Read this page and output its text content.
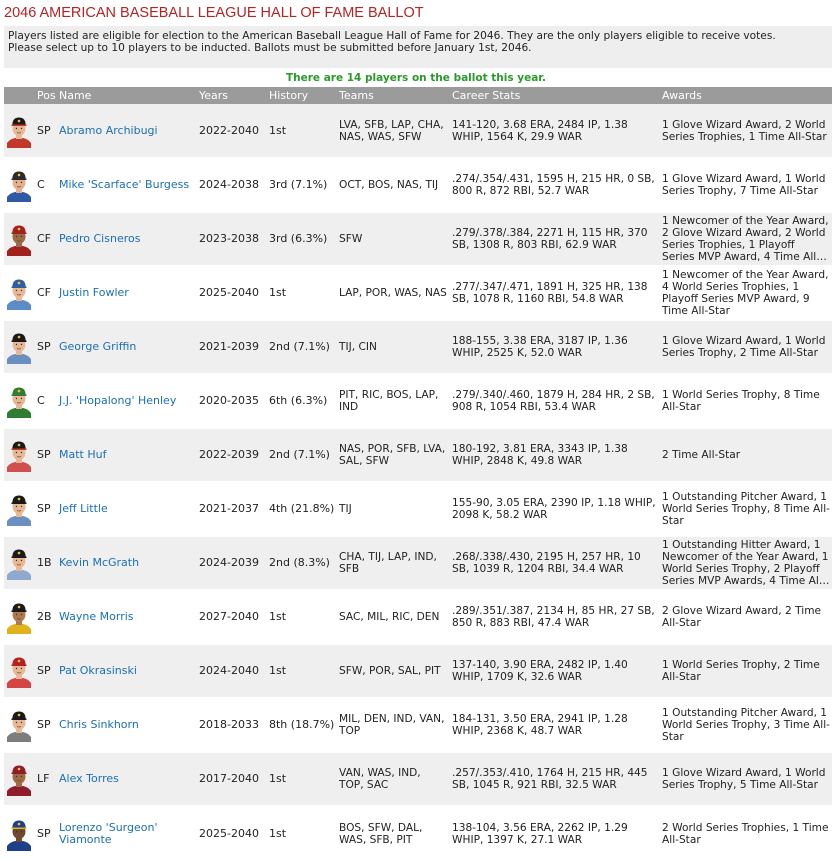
2046 AMERICAN BASEBALL LEAGUE HALL OF FAME BALLOT
Players listed are eligible for election to the American Baseball League Hall of Fame for 2046. They are the only players eligible to receive votes.
Please select up to 10 players to be inducted. Ballots must be submitted before January 1st, 2046.
There are 14 players on the ballot this year.
	Pos	Name	Years	History	Teams	Career Stats	Awards

	SP	Abramo Archibugi	2022-2040	1st	LVA, SFB, LAP, CHA, NAS, WAS, SFW	141-120, 3.68 ERA, 2484 IP, 1.38 WHIP, 1564 K, 29.9 WAR	1 Glove Wizard Award, 2 World Series Trophies, 1 Time All-Star

	C	Mike 'Scarface' Burgess	2024-2038	3rd (7.1%)	OCT, BOS, NAS, TIJ	.274/.354/.431, 1595 H, 215 HR, 0 SB, 800 R, 872 RBI, 52.7 WAR	1 Glove Wizard Award, 1 World Series Trophy, 7 Time All-Star

	CF	Pedro Cisneros	2023-2038	3rd (6.3%)	SFW	.279/.378/.384, 2271 H, 115 HR, 370 SB, 1308 R, 803 RBI, 62.9 WAR	1 Newcomer of the Year Award, 2 Glove Wizard Award, 2 World Series Trophies, 1 Playoff Series MVP Award, 4 Time All-

	CF	Justin Fowler	2025-2040	1st	LAP, POR, WAS, NAS	.277/.347/.471, 1891 H, 325 HR, 138 SB, 1078 R, 1160 RBI, 54.8 WAR	1 Newcomer of the Year Award, 4 World Series Trophies, 1 Playoff Series MVP Award, 9 Time All-Star

	SP	George Griffin	2021-2039	2nd (7.1%)	TIJ, CIN	188-155, 3.38 ERA, 3187 IP, 1.36 WHIP, 2525 K, 52.0 WAR	1 Glove Wizard Award, 1 World Series Trophy, 2 Time All-Star

	C	J.J. 'Hopalong' Henley	2020-2035	6th (6.3%)	PIT, RIC, BOS, LAP, IND	.279/.340/.460, 1879 H, 284 HR, 2 SB, 908 R, 1054 RBI, 53.4 WAR	1 World Series Trophy, 8 Time All-Star

	SP	Matt Huf	2022-2039	2nd (7.1%)	NAS, POR, SFB, LVA, SAL, SFW	180-192, 3.81 ERA, 3343 IP, 1.38 WHIP, 2848 K, 49.8 WAR	2 Time All-Star

	SP	Jeff Little	2021-2037	4th (21.8%)	TIJ	155-90, 3.05 ERA, 2390 IP, 1.18 WHIP, 2098 K, 58.2 WAR	1 Outstanding Pitcher Award, 1 World Series Trophy, 8 Time All-Star

	1B	Kevin McGrath	2024-2039	2nd (8.3%)	CHA, TIJ, LAP, IND, SFB	.268/.338/.430, 2195 H, 257 HR, 10 SB, 1039 R, 1204 RBI, 34.4 WAR	1 Outstanding Hitter Award, 1 Newcomer of the Year Award, 1 World Series Trophy, 2 Playoff Series MVP Awards, 4 Time All-

	2B	Wayne Morris	2027-2040	1st	SAC, MIL, RIC, DEN	.289/.351/.387, 2134 H, 85 HR, 27 SB, 850 R, 883 RBI, 47.4 WAR	2 Glove Wizard Award, 2 Time All-Star

	SP	Pat Okrasinski	2024-2040	1st	SFW, POR, SAL, PIT	137-140, 3.90 ERA, 2482 IP, 1.40 WHIP, 1709 K, 32.6 WAR	1 World Series Trophy, 2 Time All-Star

	SP	Chris Sinkhorn	2018-2033	8th (18.7%)	MIL, DEN, IND, VAN, TOP	184-131, 3.50 ERA, 2941 IP, 1.28 WHIP, 2368 K, 48.7 WAR	1 Outstanding Pitcher Award, 1 World Series Trophy, 3 Time All-Star

	LF	Alex Torres	2017-2040	1st	VAN, WAS, IND, TOP, SAC	.257/.353/.410, 1764 H, 215 HR, 445 SB, 1045 R, 921 RBI, 32.5 WAR	1 Glove Wizard Award, 1 World Series Trophy, 5 Time All-Star

	SP	Lorenzo 'Surgeon' Viamonte	2025-2040	1st	BOS, SFW, DAL, WAS, SFB, PIT	138-104, 3.56 ERA, 2262 IP, 1.29 WHIP, 1397 K, 27.1 WAR	2 World Series Trophies, 1 Time All-Star
